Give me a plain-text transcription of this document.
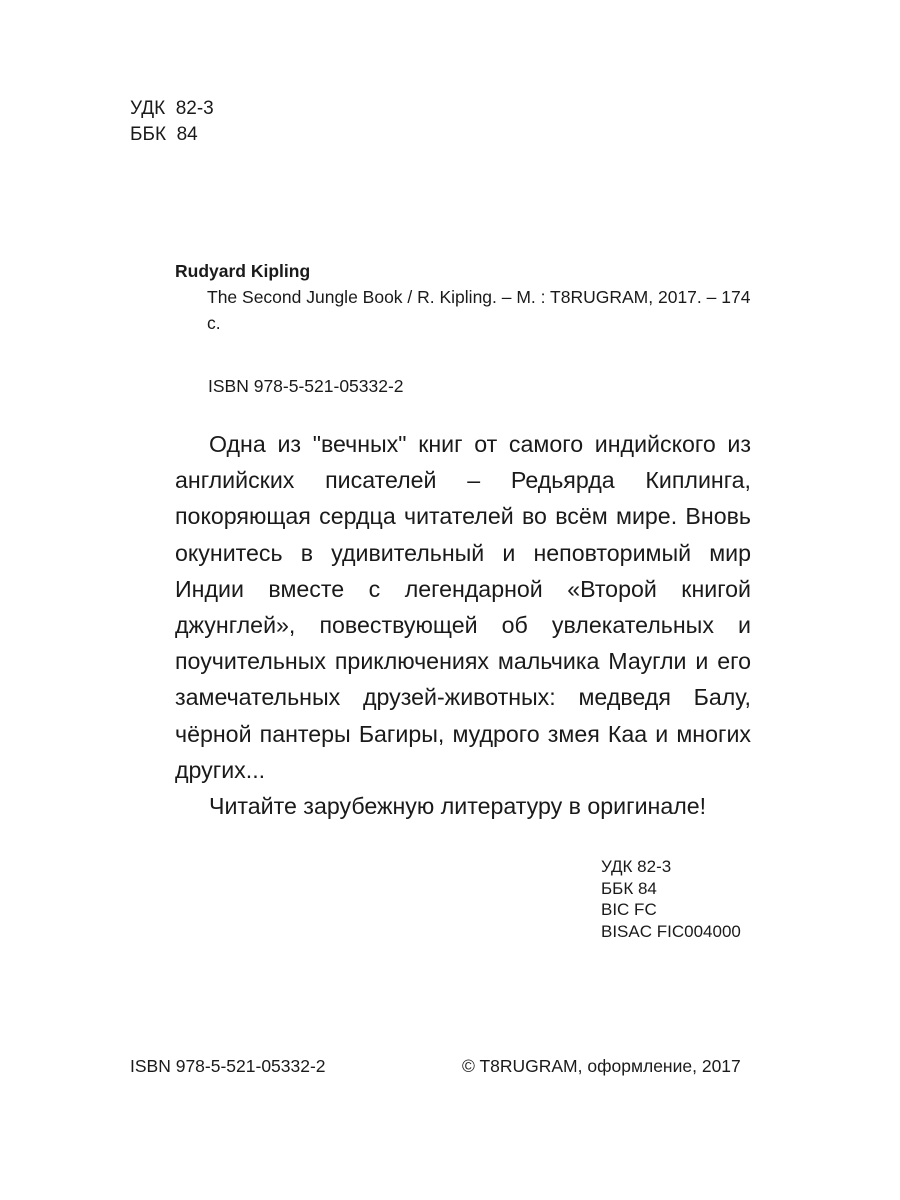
УДК  82-3
ББК  84
Rudyard Kipling
The Second Jungle Book / R. Kipling. – M. : T8RUGRAM, 2017. – 174 с.
ISBN 978-5-521-05332-2

Одна из "вечных" книг от самого индийского из английских писателей – Редьярда Киплинга, покоряющая сердца читателей во всём мире. Вновь окунитесь в удивительный и неповторимый мир Индии вместе с легендарной «Второй книгой джунглей», повествующей об увлекательных и поучительных приключениях мальчика Маугли и его замечательных друзей-животных: медведя Балу, чёрной пантеры Багиры, мудрого змея Каа и многих других...

Читайте зарубежную литературу в оригинале!

УДК 82-3
ББК 84
BIC FC
BISAC FIC004000
ISBN 978-5-521-05332-2	© T8RUGRAM, оформление, 2017
